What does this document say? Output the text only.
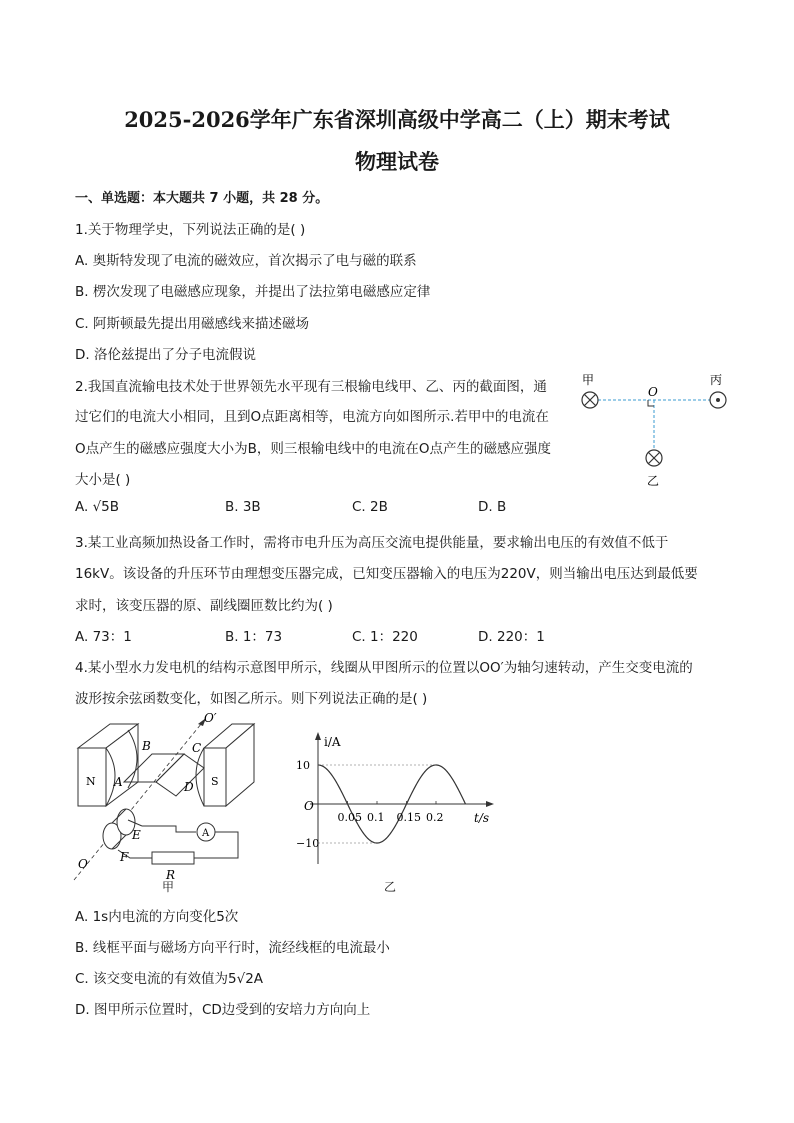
2025-2026学年广东省深圳高级中学高二（上）期末考试
物理试卷
一、单选题：本大题共 7 小题，共 28 分。
1.关于物理学史，下列说法正确的是( )
A. 奥斯特发现了电流的磁效应，首次揭示了电与磁的联系
B. 楞次发现了电磁感应现象，并提出了法拉第电磁感应定律
C. 阿斯顿最先提出用磁感线来描述磁场
D. 洛伦兹提出了分子电流假说
2.我国直流输电技术处于世界领先水平现有三根输电线甲、乙、丙的截面图，通
过它们的电流大小相同，且到O点距离相等，电流方向如图所示.若甲中的电流在
O点产生的磁感应强度大小为B，则三根输电线中的电流在O点产生的磁感应强度
大小是( )
A. √5B	B. 3B	C. 2B	D. B
甲	丙
乙
O
3.某工业高频加热设备工作时，需将市电升压为高压交流电提供能量，要求输出电压的有效值不低于
16kV。该设备的升压环节由理想变压器完成，已知变压器输入的电压为220V，则当输出电压达到最低要
求时，该变压器的原、副线圈匝数比约为( )
A. 73：1	B. 1：73	C. 1：220	D. 220：1
4.某小型水力发电机的结构示意图甲所示，线圈从甲图所示的位置以OO′为轴匀速转动，产生交变电流的
波形按余弦函数变化，如图乙所示。则下列说法正确的是( )
N	S
B	C
A	D
O′
O
E
F
R
A
甲
10
−10
0.05 0.1 0.15 0.2
i/A
t/s
O
乙
A. 1s内电流的方向变化5次
B. 线框平面与磁场方向平行时，流经线框的电流最小
C. 该交变电流的有效值为5√2A
D. 图甲所示位置时，CD边受到的安培力方向向上
